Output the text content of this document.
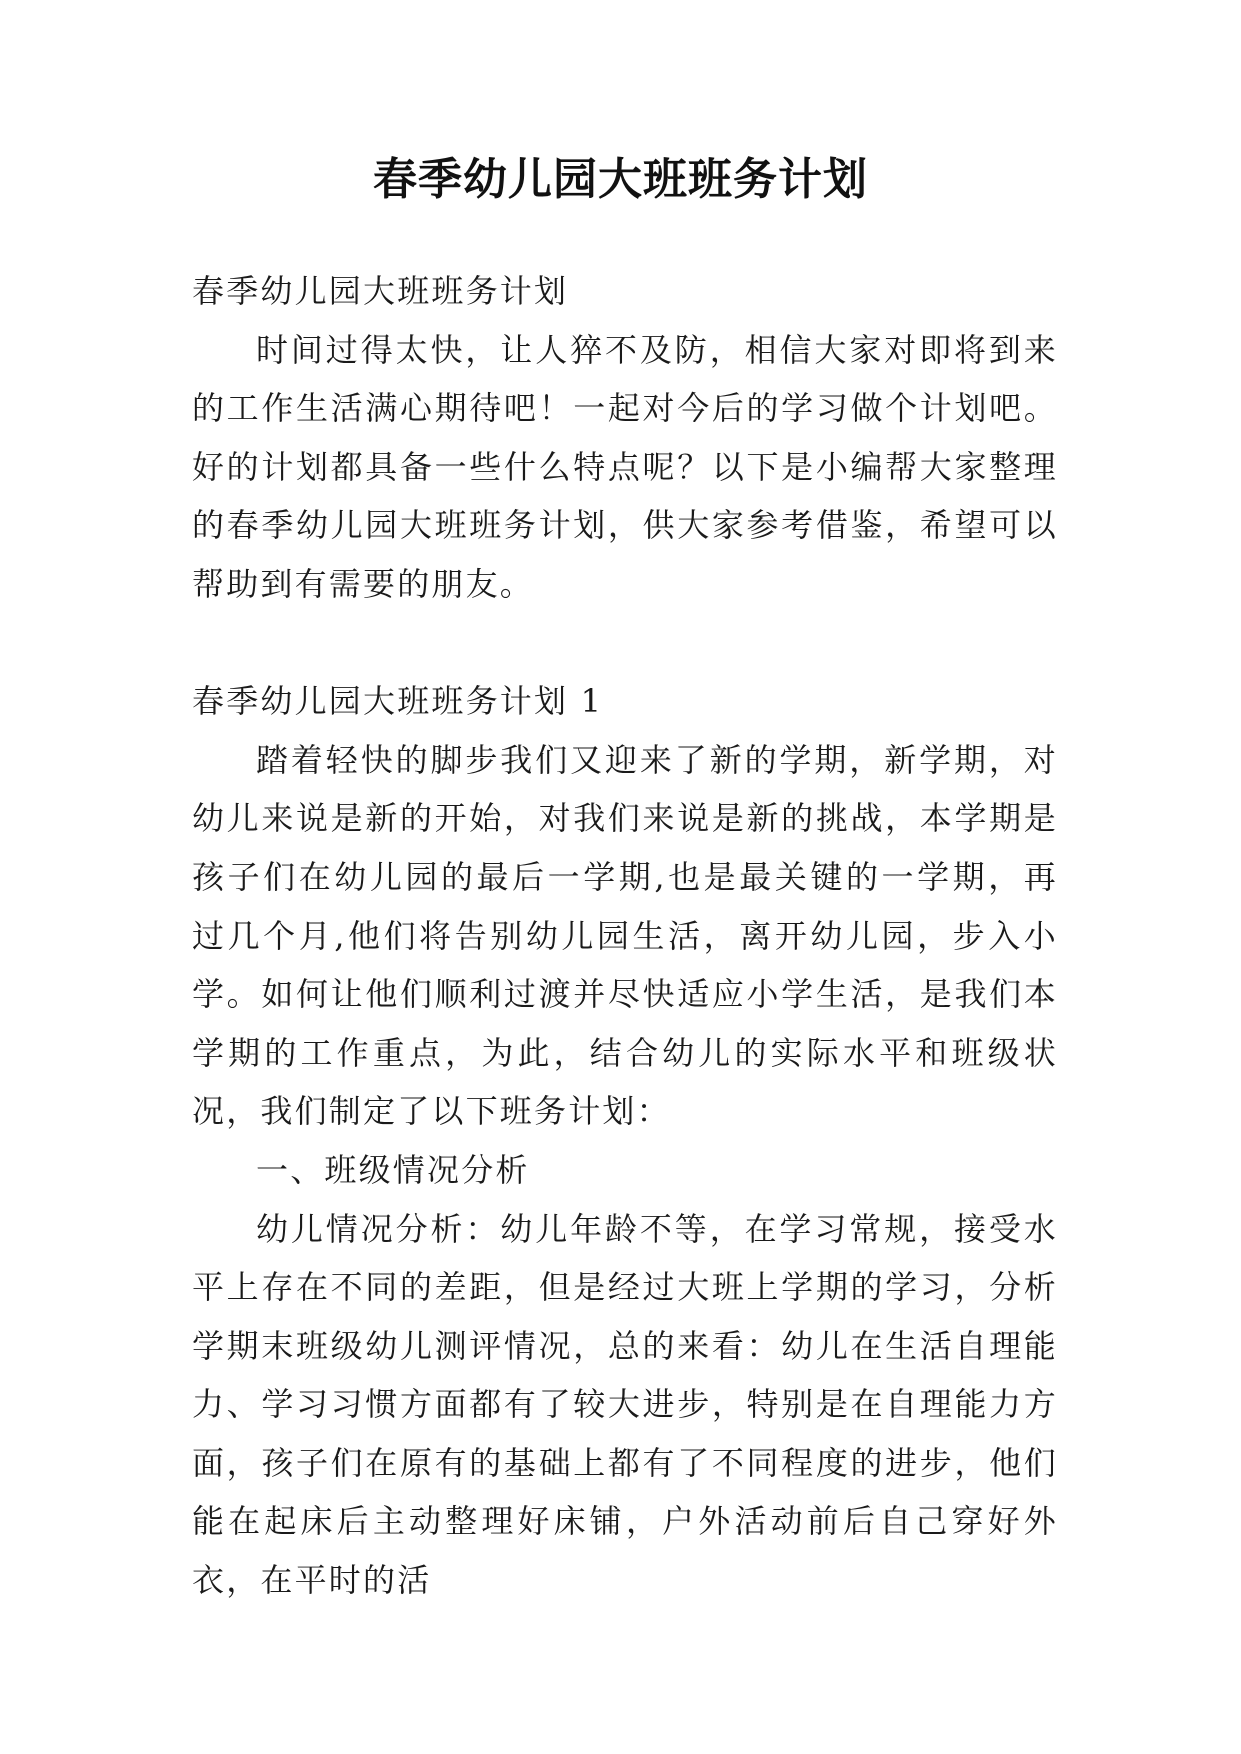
春季幼儿园大班班务计划

春季幼儿园大班班务计划

时间过得太快，让人猝不及防，相信大家对即将到来的工作生活满心期待吧！一起对今后的学习做个计划吧。好的计划都具备一些什么特点呢？以下是小编帮大家整理的春季幼儿园大班班务计划，供大家参考借鉴，希望可以帮助到有需要的朋友。

春季幼儿园大班班务计划 1

踏着轻快的脚步我们又迎来了新的学期，新学期，对幼儿来说是新的开始，对我们来说是新的挑战，本学期是孩子们在幼儿园的最后一学期,也是最关键的一学期，再过几个月,他们将告别幼儿园生活，离开幼儿园，步入小学。如何让他们顺利过渡并尽快适应小学生活，是我们本学期的工作重点，为此，结合幼儿的实际水平和班级状况，我们制定了以下班务计划：

一、班级情况分析

幼儿情况分析：幼儿年龄不等，在学习常规，接受水平上存在不同的差距，但是经过大班上学期的学习，分析学期末班级幼儿测评情况，总的来看：幼儿在生活自理能力、学习习惯方面都有了较大进步，特别是在自理能力方面，孩子们在原有的基础上都有了不同程度的进步，他们能在起床后主动整理好床铺，户外活动前后自己穿好外衣，在平时的活
